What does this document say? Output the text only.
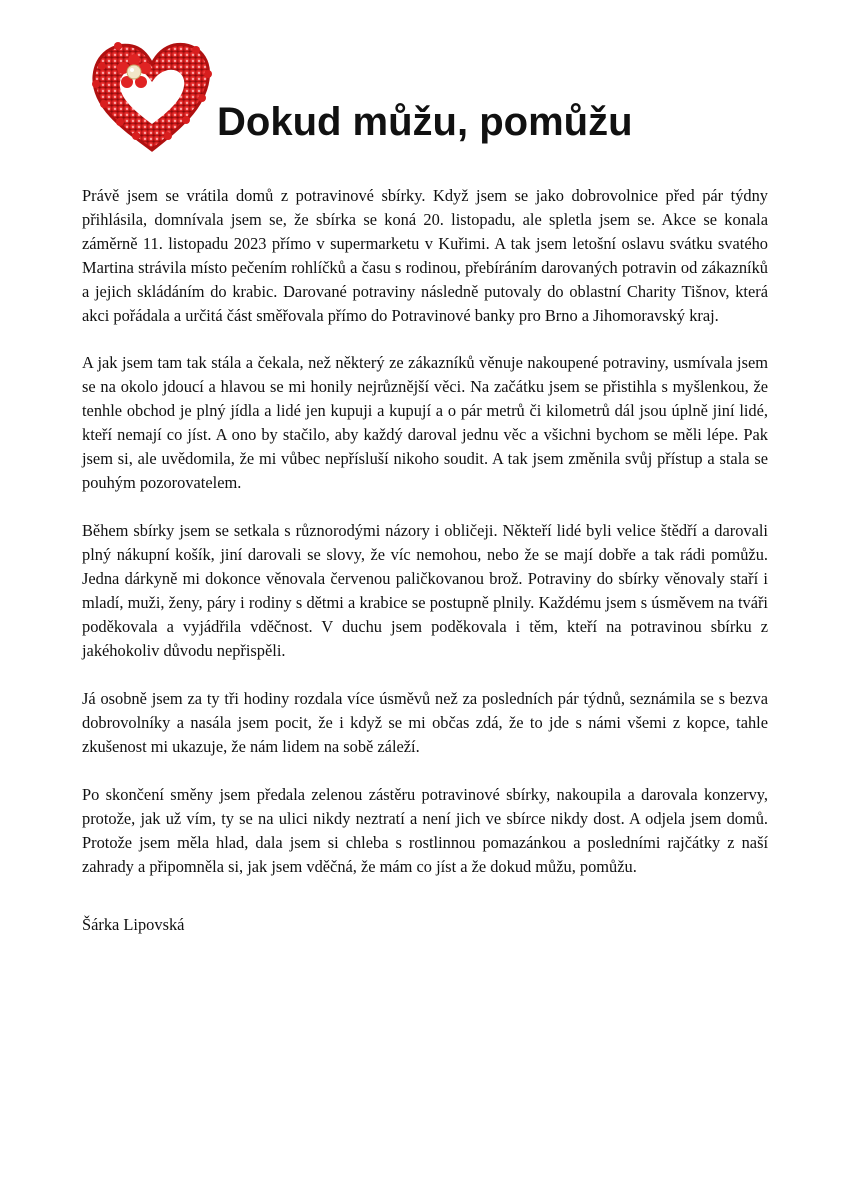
Dokud můžu, pomůžu

Právě jsem se vrátila domů z potravinové sbírky. Když jsem se jako dobrovolnice před pár týdny přihlásila, domnívala jsem se, že sbírka se koná 20. listopadu, ale spletla jsem se. Akce se konala záměrně 11. listopadu 2023 přímo v supermarketu v Kuřimi. A tak jsem letošní oslavu svátku svatého Martina strávila místo pečením rohlíčků a času s rodinou, přebíráním darovaných potravin od zákazníků a jejich skládáním do krabic. Darované potraviny následně putovaly do oblastní Charity Tišnov, která akci pořádala a určitá část směřovala přímo do Potravinové banky pro Brno a Jihomoravský kraj.

A jak jsem tam tak stála a čekala, než některý ze zákazníků věnuje nakoupené potraviny, usmívala jsem se na okolo jdoucí a hlavou se mi honily nejrůznější věci. Na začátku jsem se přistihla s myšlenkou, že tenhle obchod je plný jídla a lidé jen kupuji a kupují a o pár metrů či kilometrů dál jsou úplně jiní lidé, kteří nemají co jíst. A ono by stačilo, aby každý daroval jednu věc a všichni bychom se měli lépe. Pak jsem si, ale uvědomila, že mi vůbec nepřísluší nikoho soudit. A tak jsem změnila svůj přístup a stala se pouhým pozorovatelem.

Během sbírky jsem se setkala s různorodými názory i obličeji. Někteří lidé byli velice štědří a darovali plný nákupní košík, jiní darovali se slovy, že víc nemohou, nebo že se mají dobře a tak rádi pomůžu. Jedna dárkyně mi dokonce věnovala červenou paličkovanou brož. Potraviny do sbírky věnovaly staří i mladí, muži, ženy, páry i rodiny s dětmi a krabice se postupně plnily. Každému jsem s úsměvem na tváři poděkovala a vyjádřila vděčnost. V duchu jsem poděkovala i těm, kteří na potravinou sbírku z jakéhokoliv důvodu nepřispěli.

Já osobně jsem za ty tři hodiny rozdala více úsměvů než za posledních pár týdnů, seznámila se s bezva dobrovolníky a nasála jsem pocit, že i když se mi občas zdá, že to jde s námi všemi z kopce, tahle zkušenost mi ukazuje, že nám lidem na sobě záleží.

Po skončení směny jsem předala zelenou zástěru potravinové sbírky, nakoupila a darovala konzervy, protože, jak už vím, ty se na ulici nikdy neztratí a není jich ve sbírce nikdy dost. A odjela jsem domů. Protože jsem měla hlad, dala jsem si chleba s rostlinnou pomazánkou a posledními rajčátky z naší zahrady a připomněla si, jak jsem vděčná, že mám co jíst a že dokud můžu, pomůžu.

Šárka Lipovská
